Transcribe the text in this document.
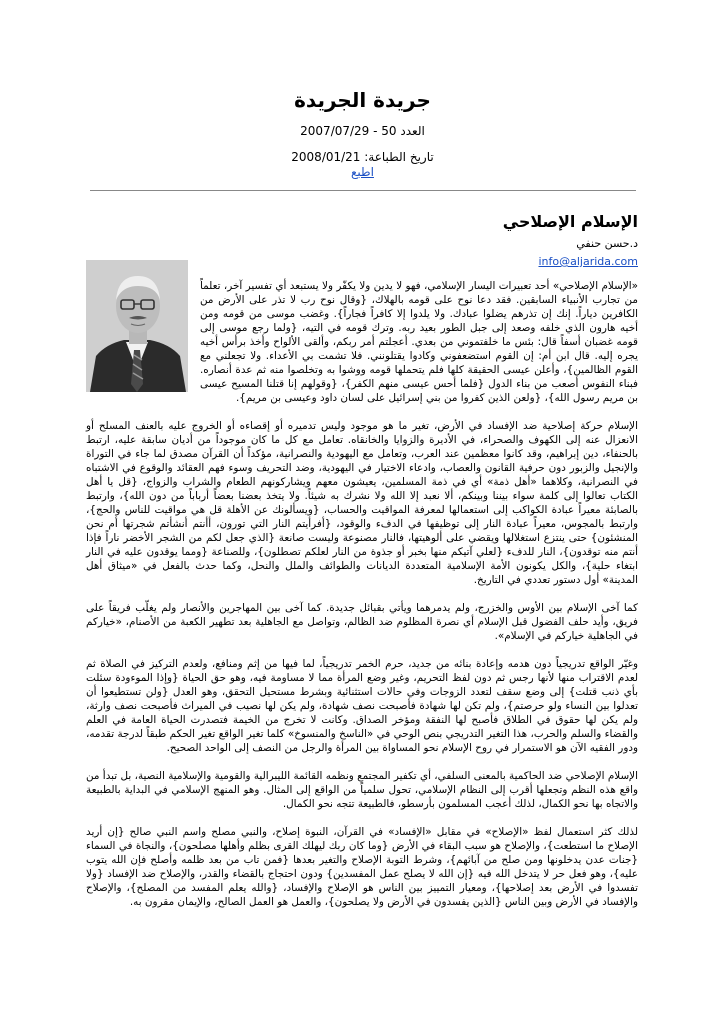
جريدة الجريدة
العدد 50 - 2007/07/29
تاريخ الطباعة: 2008/01/21
اطبع
الإسلام الإصلاحي
د.حسن حنفي
info@aljarida.com

«الإسلام الإصلاحي» أحد تعبيرات اليسار الإسلامي، فهو لا يدين ولا يكفّر ولا يستبعد أي تفسير آخر، تعلماً من تجارب الأنبياء السابقين. فقد دعا نوح على قومه بالهلاك، {وقال نوح رب لا تذر على الأرض من الكافرين دياراً. إنك إن تذرهم يضلوا عبادك. ولا يلدوا إلا كافراً فجاراً}. وغضب موسى من قومه ومن أخيه هارون الذي خلفه وصعد إلى جبل الطور بعيد ربه. وترك قومه في التيه، {ولما رجع موسى إلى قومه غضبان أسفاً قال: بئس ما خلفتموني من بعدي. أعجلتم أمر ربكم، وألقى الألواح وأخذ برأس أخيه يجره إليه. قال ابن أم: إن القوم استضعفوني وكادوا يقتلونني. فلا تشمت بي الأعداء. ولا تجعلني مع القوم الظالمين}، وأعلن عيسى الحقيقة كلها فلم يتحملها قومه ووشوا به وتخلصوا منه ثم عدة أنصاره. فبناء النفوس أصعب من بناء الدول {فلما أحس عيسى منهم الكفر}، {وقولهم إنا قتلنا المسيح عيسى بن مريم رسول الله}، {ولعن الذين كفروا من بني إسرائيل على لسان داود وعيسى بن مريم}.

الإسلام حركة إصلاحية ضد الإفساد في الأرض، تغير ما هو موجود وليس تدميره أو إقصاءه أو الخروج عليه بالعنف المسلح أو الانعزال عنه إلى الكهوف والصحراء، في الأديرة والزوايا والخانقاه. تعامل مع كل ما كان موجوداً من أديان سابقة عليه، ارتبط بالحنفاء، دين إبراهيم، وقد كانوا معظمين عند العرب، وتعامل مع اليهودية والنصرانية، مؤكداً أن القرآن مصدق لما جاء في التوراة والإنجيل والزبور دون حرفية القانون والعصاب، وادعاء الاختيار في اليهودية، وضد التحريف وسوء فهم العقائد والوقوع في الاشتباه في النصرانية، وكلاهما «أهل ذمة» أي في ذمة المسلمين، يعيشون معهم ويشاركونهم الطعام والشراب والزواج، {قل يا أهل الكتاب تعالوا إلى كلمة سواء بيننا وبينكم، ألا نعبد إلا الله ولا نشرك به شيئاً. ولا يتخذ بعضنا بعضاً أرباباً من دون الله}، وارتبط بالصابئة معيراً عبادة الكواكب إلى استعمالها لمعرفة المواقيت والحساب، {ويسألونك عن الأهلة قل هي مواقيت للناس والحج}، وارتبط بالمجوس، معيراً عبادة النار إلى توظيفها في الدفء والوقود، {أفرأيتم النار التي تورون، أأنتم أنشأتم شجرتها أم نحن المنشئون} حتى ينتزع استغلالها ويقضي على ألوهيتها، فالنار مصنوعة وليست صانعة {الذي جعل لكم من الشجر الأخضر ناراً فإذا أنتم منه توقدون}، النار للدفء {لعلي آتيكم منها بخبر أو جذوة من النار لعلكم تصطلون}، وللصناعة {ومما يوقدون عليه في النار ابتغاء حلية}، والكل يكونون الأمة الإسلامية المتعددة الديانات والطوائف والملل والنحل، وكما حدث بالفعل في «ميثاق أهل المدينة» أول دستور تعددي في التاريخ.

كما آخى الإسلام بين الأوس والخزرج، ولم يدمرهما ويأتي بقبائل جديدة. كما آخى بين المهاجرين والأنصار ولم يغلّب فريقاً على فريق، وأيد حلف الفضول قبل الإسلام أي نصرة المظلوم ضد الظالم، وتواصل مع الجاهلية بعد تطهير الكعبة من الأصنام، «خياركم في الجاهلية خياركم في الإسلام».

وغيّر الواقع تدريجياً دون هدمه وإعادة بنائه من جديد، حرم الخمر تدريجياً، لما فيها من إثم ومنافع، ولعدم التركيز في الصلاة ثم لعدم الاقتراب منها لأنها رجس ثم دون لفظ التحريم، وغير وضع المرأة مما لا مساومة فيه، وهو حق الحياة {وإذا الموءودة سئلت بأي ذنب قتلت} إلى وضع سقف لتعدد الزوجات وفي حالات استثنائية وبشرط مستحيل التحقق، وهو العدل {ولن تستطيعوا أن تعدلوا بين النساء ولو حرصتم}، ولم تكن لها شهادة فأصبحت نصف شهادة، ولم يكن لها نصيب في الميراث فأصبحت نصف وارثة، ولم يكن لها حقوق في الطلاق فأصبح لها النفقة ومؤخر الصداق. وكانت لا تخرج من الخيمة فتصدرت الحياة العامة في العلم والقضاء والسلم والحرب، هذا التغير التدريجي بنص الوحي في «الناسخ والمنسوخ» كلما تغير الواقع تغير الحكم طبقاً لدرجة تقدمه، ودور الفقيه الآن هو الاستمرار في روح الإسلام نحو المساواة بين المرأة والرجل من النصف إلى الواحد الصحيح.

الإسلام الإصلاحي ضد الحاكمية بالمعنى السلفي، أي تكفير المجتمع ونظمه القائمة الليبرالية والقومية والإسلامية النصية، بل تبدأ من واقع هذه النظم وتجعلها أقرب إلى النظام الإسلامي، تحول سلمياً من الواقع إلى المثال. وهو المنهج الإسلامي في البداية بالطبيعة والاتجاه بها نحو الكمال، لذلك أعجب المسلمون بأرسطو، فالطبيعة تتجه نحو الكمال.

لذلك كثر استعمال لفظ «الإصلاح» في مقابل «الإفساد» في القرآن، النبوة إصلاح، والنبي مصلح واسم النبي صالح {إن أريد الإصلاح ما استطعت}، والإصلاح هو سبب البقاء في الأرض {وما كان ربك ليهلك القرى بظلم وأهلها مصلحون}، والنجاة في السماء {جنات عدن يدخلونها ومن صلح من آبائهم}، وشرط التوبة الإصلاح والتغير بعدها {فمن تاب من بعد ظلمه وأصلح فإن الله يتوب عليه}، وهو فعل حر لا يتدخل الله فيه {إن الله لا يصلح عمل المفسدين} ودون احتجاج بالقضاء والقدر، والإصلاح ضد الإفساد {ولا تفسدوا في الأرض بعد إصلاحها}، ومعيار التمييز بين الناس هو الإصلاح والإفساد، {والله يعلم المفسد من المصلح}، والإصلاح والإفساد في الأرض وبين الناس {الذين يفسدون في الأرض ولا يصلحون}، والعمل هو العمل الصالح، والإيمان مقرون به.
